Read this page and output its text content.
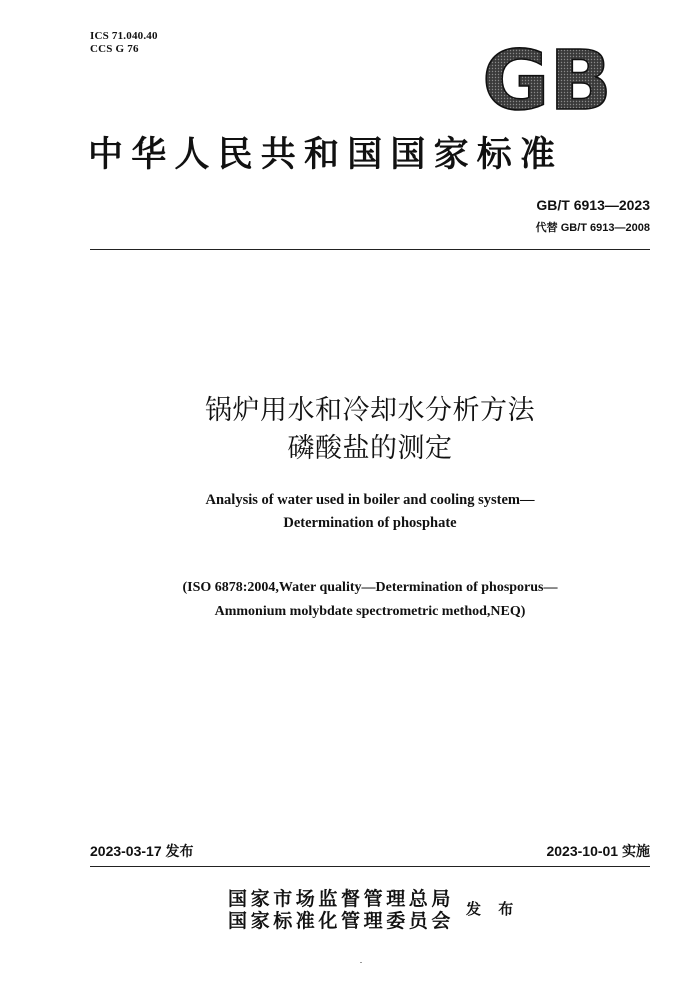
ICS 71.040.40
CCS G 76	GB
中华人民共和国国家标准
GB/T 6913—2023
代替 GB/T 6913—2008
锅炉用水和冷却水分析方法
磷酸盐的测定
Analysis of water used in boiler and cooling system—
Determination of phosphate
(ISO 6878:2004,Water quality—Determination of phosporus—
Ammonium molybdate spectrometric method,NEQ)
2023-03-17 发布	2023-10-01 实施
国家市场监督管理总局
国家标准化管理委员会
发 布
